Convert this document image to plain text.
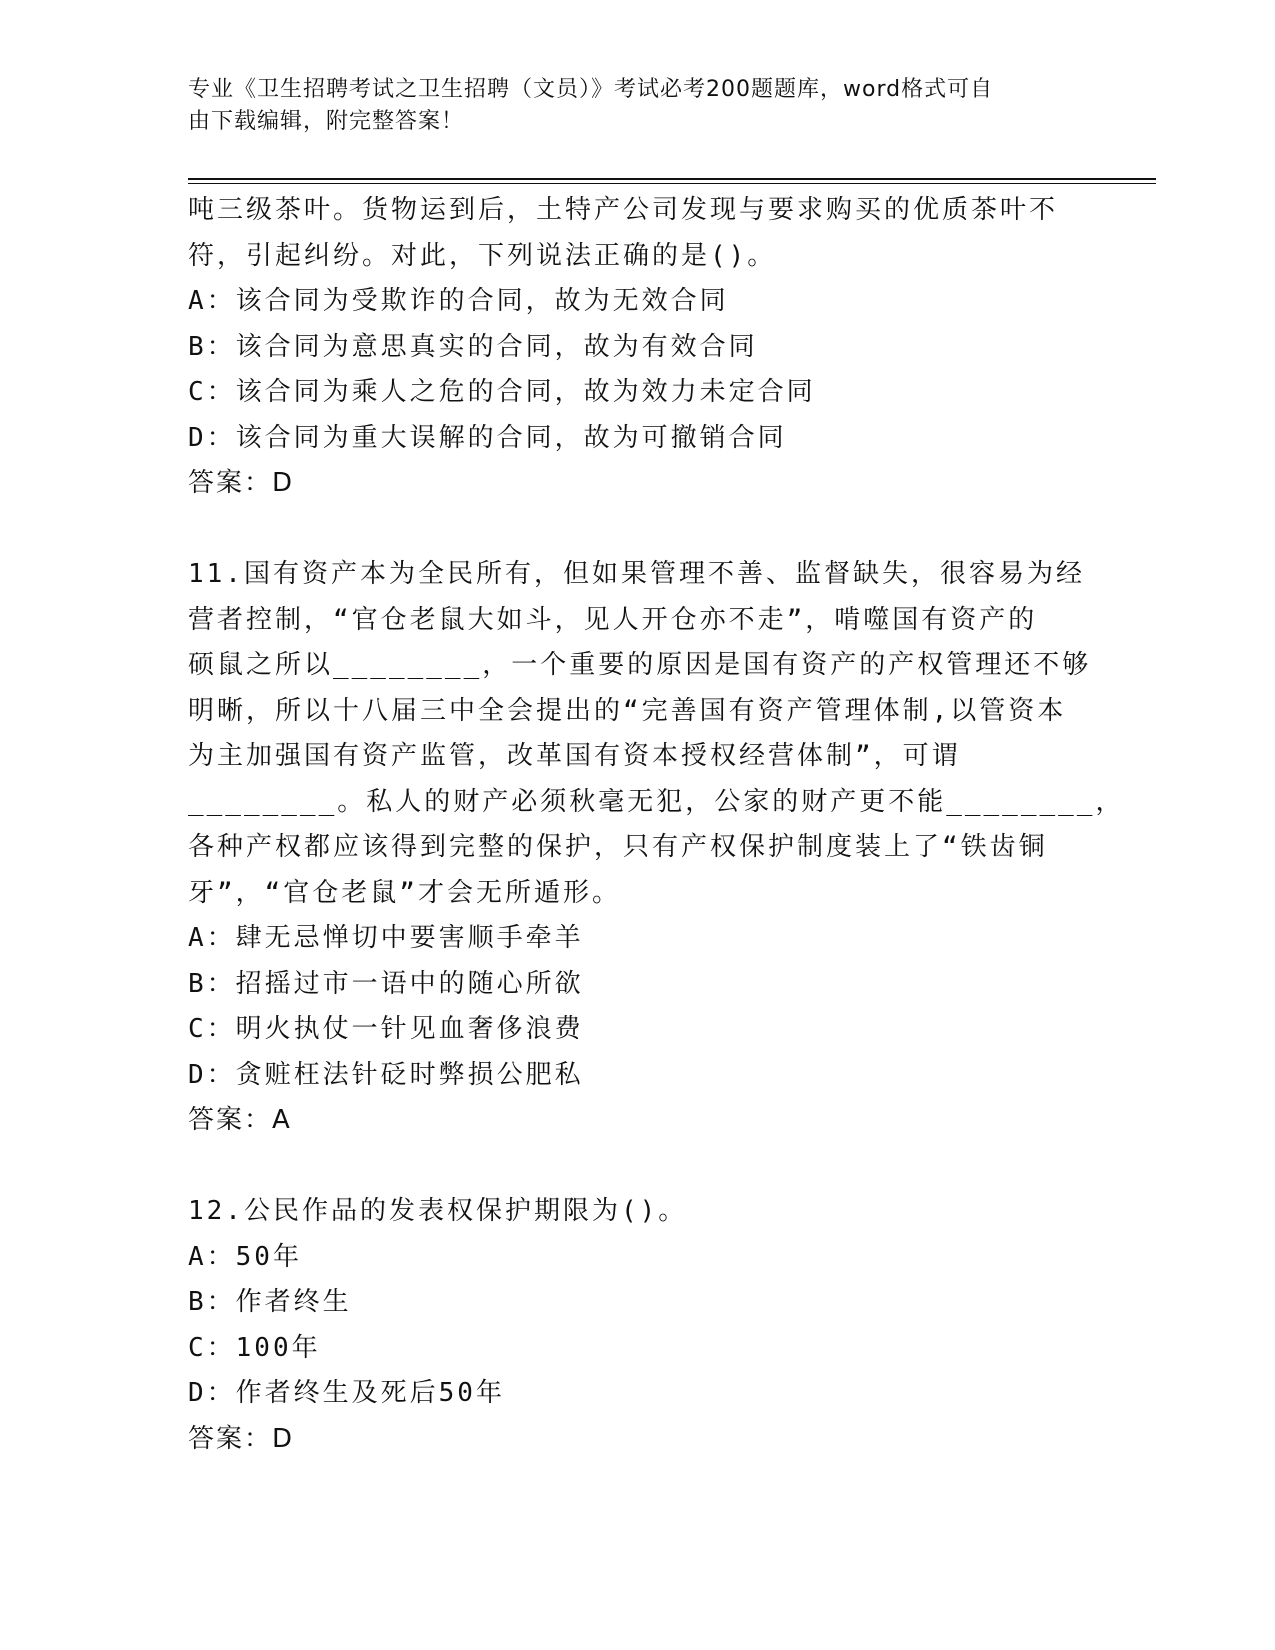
专业《卫生招聘考试之卫生招聘（文员）》考试必考200题题库，word格式可自
由下载编辑，附完整答案！
吨三级茶叶。货物运到后，土特产公司发现与要求购买的优质茶叶不
符，引起纠纷。对此，下列说法正确的是()。
A：该合同为受欺诈的合同，故为无效合同
B：该合同为意思真实的合同，故为有效合同
C：该合同为乘人之危的合同，故为效力未定合同
D：该合同为重大误解的合同，故为可撤销合同
答案：D
11.国有资产本为全民所有，但如果管理不善、监督缺失，很容易为经
营者控制，“官仓老鼠大如斗，见人开仓亦不走”，啃噬国有资产的
硕鼠之所以________，一个重要的原因是国有资产的产权管理还不够
明晰，所以十八届三中全会提出的“完善国有资产管理体制,以管资本
为主加强国有资产监管，改革国有资本授权经营体制”，可谓
________。私人的财产必须秋毫无犯，公家的财产更不能________，
各种产权都应该得到完整的保护，只有产权保护制度装上了“铁齿铜
牙”，“官仓老鼠”才会无所遁形。
A：肆无忌惮切中要害顺手牵羊
B：招摇过市一语中的随心所欲
C：明火执仗一针见血奢侈浪费
D：贪赃枉法针砭时弊损公肥私
答案：A
12.公民作品的发表权保护期限为()。
A：50年
B：作者终生
C：100年
D：作者终生及死后50年
答案：D
